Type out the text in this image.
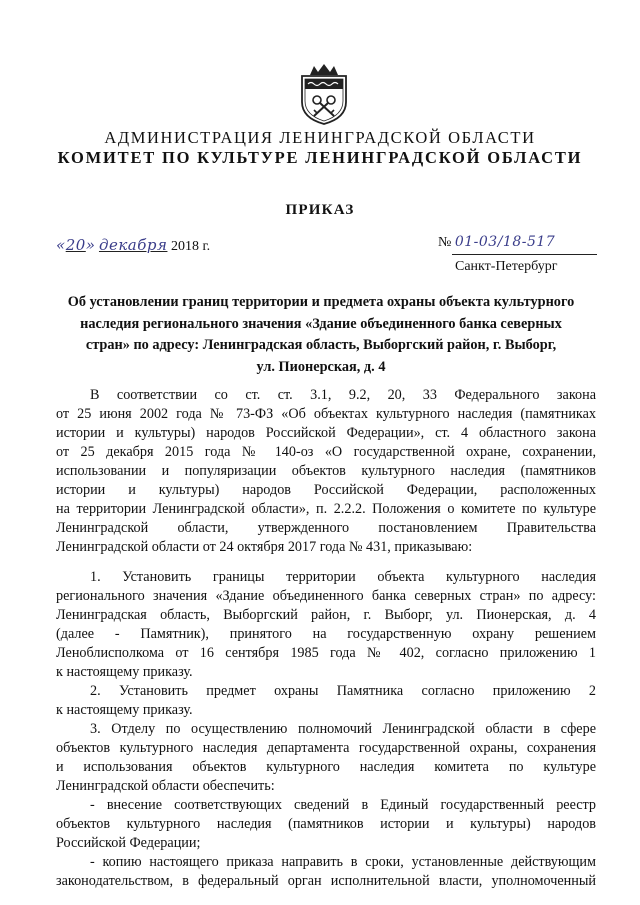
АДМИНИСТРАЦИЯ ЛЕНИНГРАДСКОЙ ОБЛАСТИ
КОМИТЕТ ПО КУЛЬТУРЕ ЛЕНИНГРАДСКОЙ ОБЛАСТИ
ПРИКАЗ
«20» декабря 2018 г.	№ 01-03/18-517
Санкт-Петербург
Об установлении границ территории и предмета охраны объекта культурного
наследия регионального значения «Здание объединенного банка северных
стран» по адресу: Ленинградская область, Выборгский район, г. Выборг,
ул. Пионерская, д. 4
В соответствии со ст. ст. 3.1, 9.2, 20, 33 Федерального закона
от 25 июня 2002 года № 73-ФЗ «Об объектах культурного наследия (памятниках
истории и культуры) народов Российской Федерации», ст. 4 областного закона
от 25 декабря 2015 года № 140-оз «О государственной охране, сохранении,
использовании и популяризации объектов культурного наследия (памятников
истории и культуры) народов Российской Федерации, расположенных
на территории Ленинградской области», п. 2.2.2. Положения о комитете по культуре
Ленинградской области, утвержденного постановлением Правительства
Ленинградской области от 24 октября 2017 года № 431, приказываю:
1. Установить границы территории объекта культурного наследия
регионального значения «Здание объединенного банка северных стран» по адресу:
Ленинградская область, Выборгский район, г. Выборг, ул. Пионерская, д. 4
(далее - Памятник), принятого на государственную охрану решением
Леноблисполкома от 16 сентября 1985 года № 402, согласно приложению 1
к настоящему приказу.
2. Установить предмет охраны Памятника согласно приложению 2
к настоящему приказу.
3. Отделу по осуществлению полномочий Ленинградской области в сфере
объектов культурного наследия департамента государственной охраны, сохранения
и использования объектов культурного наследия комитета по культуре
Ленинградской области обеспечить:
- внесение соответствующих сведений в Единый государственный реестр
объектов культурного наследия (памятников истории и культуры) народов
Российской Федерации;
- копию настоящего приказа направить в сроки, установленные действующим
законодательством, в федеральный орган исполнительной власти, уполномоченный
